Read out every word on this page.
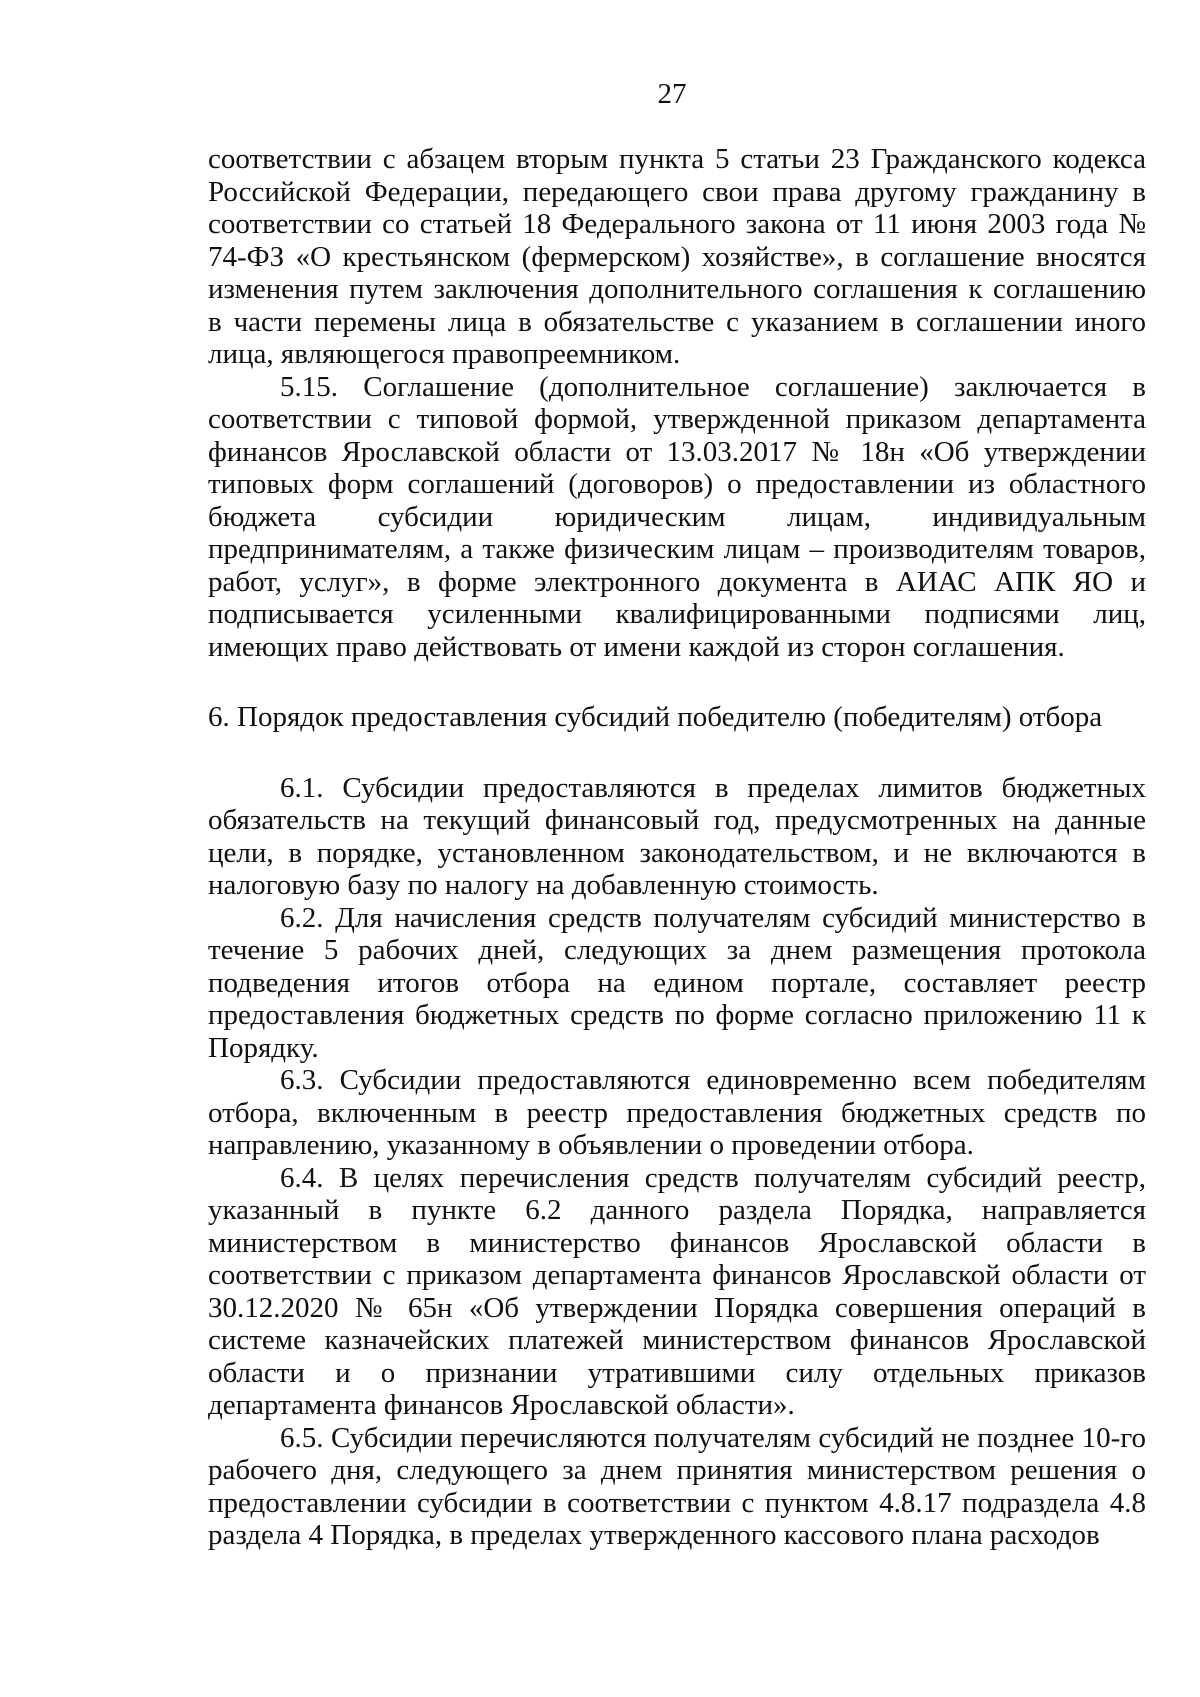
27

соответствии с абзацем вторым пункта 5 статьи 23 Гражданского кодекса Российской Федерации, передающего свои права другому гражданину в соответствии со статьей 18 Федерального закона от 11 июня 2003 года № 74-ФЗ «О крестьянском (фермерском) хозяйстве», в соглашение вносятся изменения путем заключения дополнительного соглашения к соглашению в части перемены лица в обязательстве с указанием в соглашении иного лица, являющегося правопреемником.

5.15. Соглашение (дополнительное соглашение) заключается в соответствии с типовой формой, утвержденной приказом департамента финансов Ярославской области от 13.03.2017 № 18н «Об утверждении типовых форм соглашений (договоров) о предоставлении из областного бюджета субсидии юридическим лицам, индивидуальным предпринимателям, а также физическим лицам – производителям товаров, работ, услуг», в форме электронного документа в АИАС АПК ЯО и подписывается усиленными квалифицированными подписями лиц, имеющих право действовать от имени каждой из сторон соглашения.

6. Порядок предоставления субсидий победителю (победителям) отбора

6.1. Субсидии предоставляются в пределах лимитов бюджетных обязательств на текущий финансовый год, предусмотренных на данные цели, в порядке, установленном законодательством, и не включаются в налоговую базу по налогу на добавленную стоимость.

6.2. Для начисления средств получателям субсидий министерство в течение 5 рабочих дней, следующих за днем размещения протокола подведения итогов отбора на едином портале, составляет реестр предоставления бюджетных средств по форме согласно приложению 11 к Порядку.

6.3. Субсидии предоставляются единовременно всем победителям отбора, включенным в реестр предоставления бюджетных средств по направлению, указанному в объявлении о проведении отбора.

6.4. В целях перечисления средств получателям субсидий реестр, указанный в пункте 6.2 данного раздела Порядка, направляется министерством в министерство финансов Ярославской области в соответствии с приказом департамента финансов Ярославской области от 30.12.2020 № 65н «Об утверждении Порядка совершения операций в системе казначейских платежей министерством финансов Ярославской области и о признании утратившими силу отдельных приказов департамента финансов Ярославской области».

6.5. Субсидии перечисляются получателям субсидий не позднее 10-го рабочего дня, следующего за днем принятия министерством решения о предоставлении субсидии в соответствии с пунктом 4.8.17 подраздела 4.8 раздела 4 Порядка, в пределах утвержденного кассового плана расходов
